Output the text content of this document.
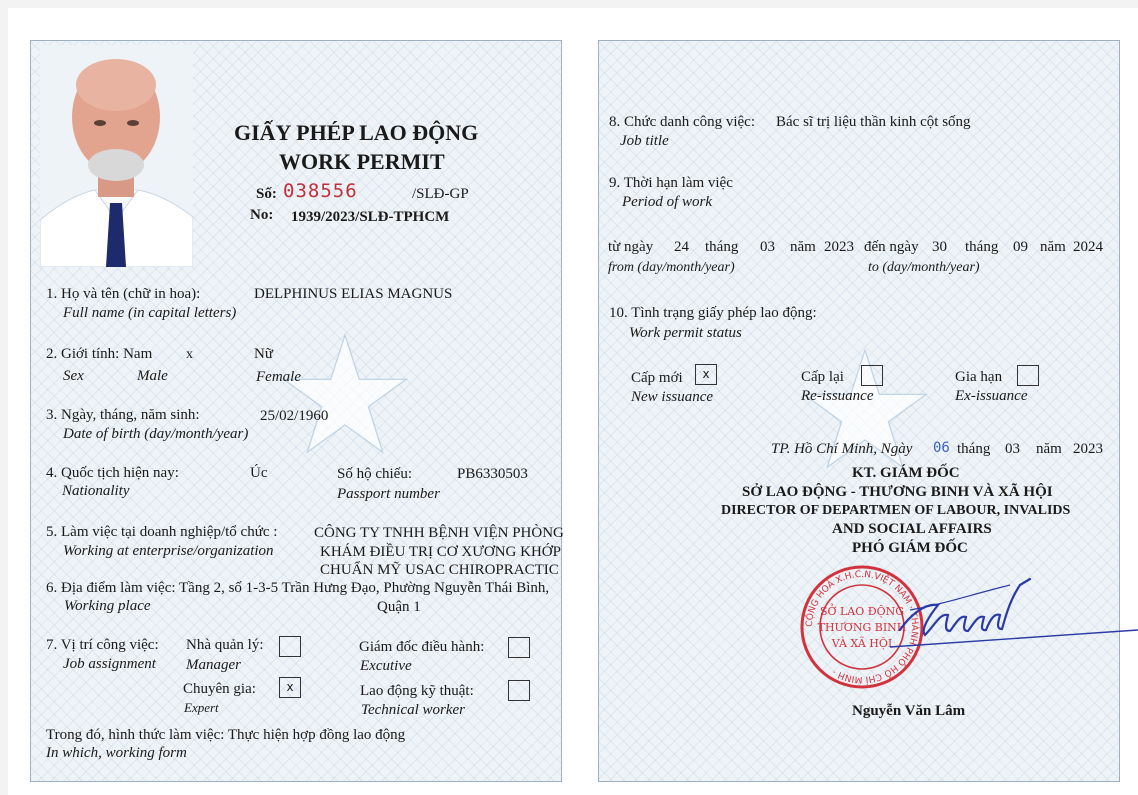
GIẤY PHÉP LAO ĐỘNG
WORK PERMIT
Số: 038556	/SLĐ-GP
No: 1939/2023/SLĐ-TPHCM
1. Họ và tên (chữ in hoa):	DELPHINUS ELIAS MAGNUS
Full name (in capital letters)
2. Giới tính: Nam x	Nữ
Sex	Male	Female
3. Ngày, tháng, năm sinh:	25/02/1960
Date of birth (day/month/year)
4. Quốc tịch hiện nay:	Úc	Số hộ chiếu:	PB6330503
Nationality	Passport number
5. Làm việc tại doanh nghiệp/tổ chức : CÔNG TY TNHH BỆNH VIỆN PHÒNG
Working at enterprise/organization	KHÁM ĐIỀU TRỊ CƠ XƯƠNG KHỚP
CHUẨN MỸ USAC CHIROPRACTIC
6. Địa điểm làm việc: Tầng 2, số 1-3-5 Trần Hưng Đạo, Phường Nguyễn Thái Bình,
Working place	Quận 1
7. Vị trí công việc:
Job assignment
Nhà quản lý:
Manager
Giám đốc điều hành:
Excutive
Chuyên gia:	x
Expert
Lao động kỹ thuật:
Technical worker
Trong đó, hình thức làm việc: Thực hiện hợp đồng lao động
In which, working form
8. Chức danh công việc: Bác sĩ trị liệu thần kinh cột sống
Job title
9. Thời hạn làm việc
Period of work
từ ngày 24 tháng 03 năm 2023 đến ngày 30 tháng 09 năm 2024
from (day/month/year)	to (day/month/year)
10. Tình trạng giấy phép lao động:
Work permit status
Cấp mới	x
New issuance
Cấp lại
Re-issuance
Gia hạn
Ex-issuance
TP. Hồ Chí Minh, Ngày 06 tháng 03 năm 2023
KT. GIÁM ĐỐC
SỞ LAO ĐỘNG - THƯƠNG BINH VÀ XÃ HỘI
DIRECTOR OF DEPARTMEN OF LABOUR, INVALIDS
AND SOCIAL AFFAIRS
PHÓ GIÁM ĐỐC
CỘNG HOÀ X.H.C.N.VIỆT NAM · THÀNH PHỐ HỒ CHÍ MINH ·
SỞ LAO ĐỘNG
THƯƠNG BINH
VÀ XÃ HỘI
Nguyễn Văn Lâm
